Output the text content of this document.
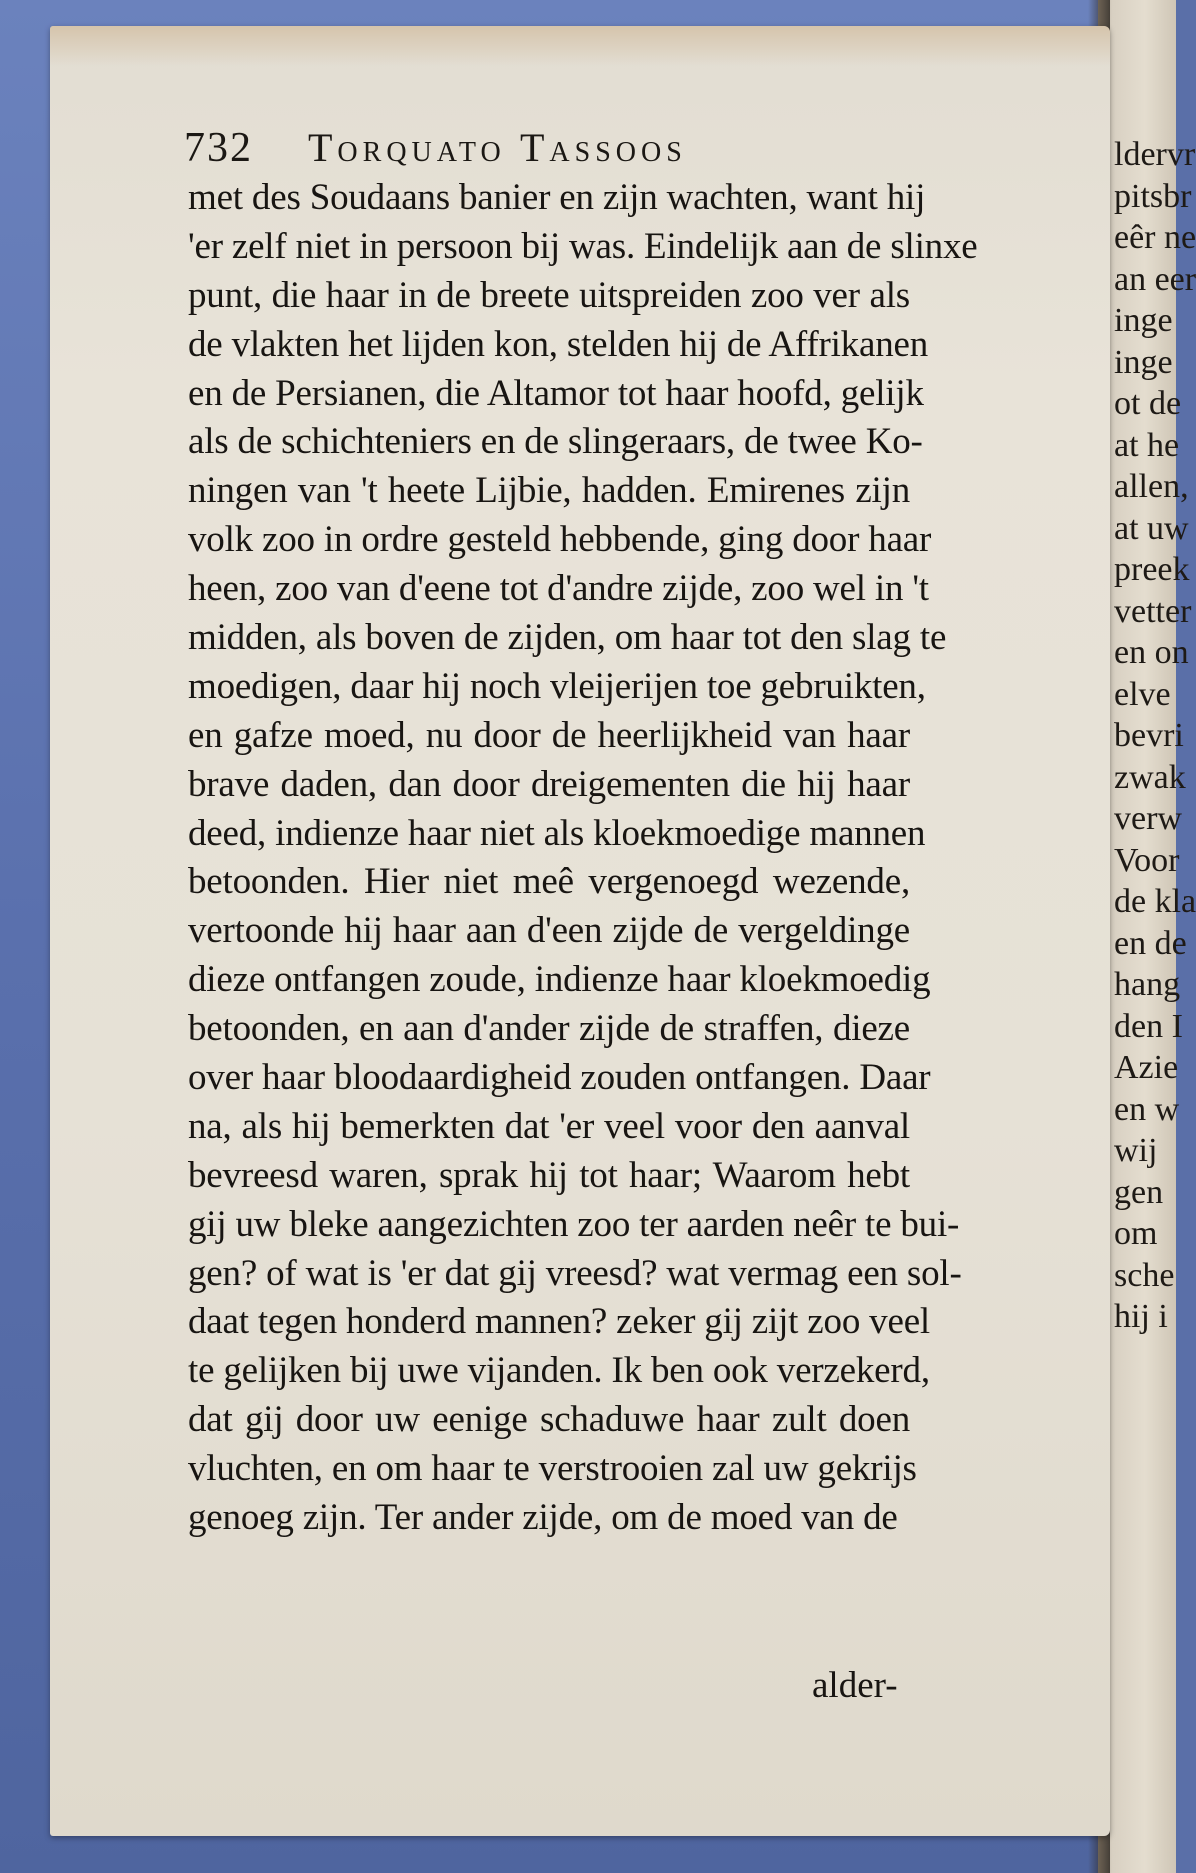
ldervr
pitsbr
eêr ne
an eer
inge
inge
ot de
at he
allen,
at uw
preek
vetter
en on
elve
bevri
zwak
verw
Voor
de kla
en de
hang
den I
Azie
en w
wij
gen
om
sche
hij i
732 Torquato Tassoos
met des Soudaans banier en zijn wachten, want hij
'er zelf niet in persoon bij was. Eindelijk aan de slinxe
punt, die haar in de breete uitspreiden zoo ver als
de vlakten het lijden kon, stelden hij de Affrikanen
en de Persianen, die Altamor tot haar hoofd, gelijk
als de schichteniers en de slingeraars, de twee Ko-
ningen van 't heete Lijbie, hadden. Emirenes zijn
volk zoo in ordre gesteld hebbende, ging door haar
heen, zoo van d'eene tot d'andre zijde, zoo wel in 't
midden, als boven de zijden, om haar tot den slag te
moedigen, daar hij noch vleijerijen toe gebruikten,
en gafze moed, nu door de heerlijkheid van haar
brave daden, dan door dreigementen die hij haar
deed, indienze haar niet als kloekmoedige mannen
betoonden. Hier niet meê vergenoegd wezende,
vertoonde hij haar aan d'een zijde de vergeldinge
dieze ontfangen zoude, indienze haar kloekmoedig
betoonden, en aan d'ander zijde de straffen, dieze
over haar bloodaardigheid zouden ontfangen. Daar
na, als hij bemerkten dat 'er veel voor den aanval
bevreesd waren, sprak hij tot haar; Waarom hebt
gij uw bleke aangezichten zoo ter aarden neêr te bui-
gen? of wat is 'er dat gij vreesd? wat vermag een sol-
daat tegen honderd mannen? zeker gij zijt zoo veel
te gelijken bij uwe vijanden. Ik ben ook verzekerd,
dat gij door uw eenige schaduwe haar zult doen
vluchten, en om haar te verstrooien zal uw gekrijs
genoeg zijn. Ter ander zijde, om de moed van de
alder-
